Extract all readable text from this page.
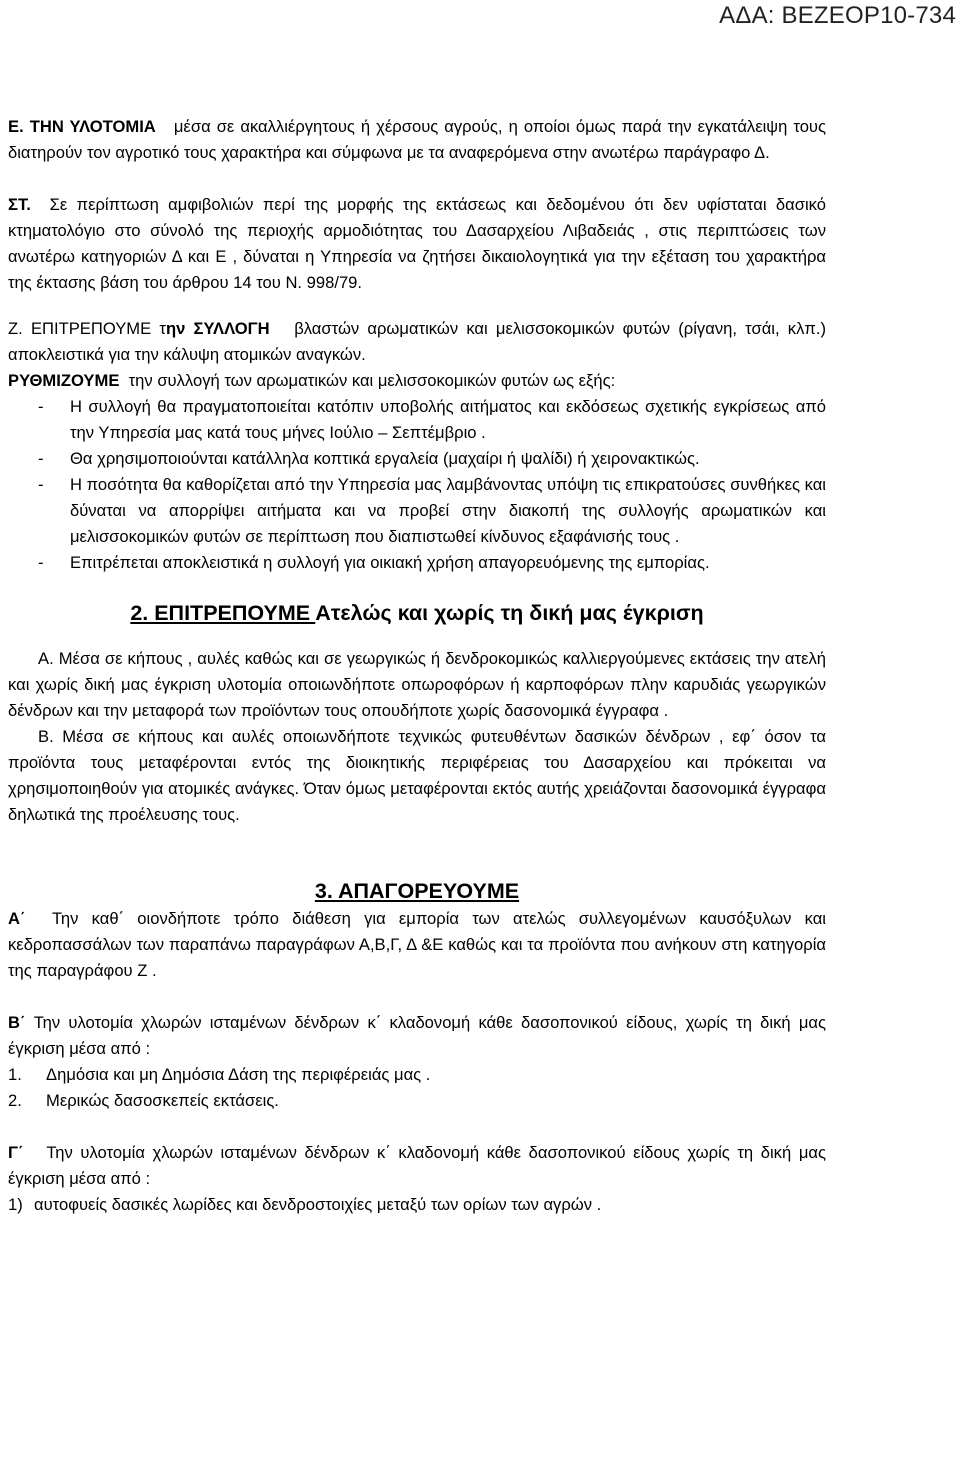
ΑΔΑ: ΒΕΖΕΟΡ10-734

Ε. ΤΗΝ ΥΛΟΤΟΜΙΑ μέσα σε ακαλλιέργητους ή χέρσους αγρούς, η οποίοι όμως παρά την εγκατάλειψη τους διατηρούν τον αγροτικό τους χαρακτήρα και σύμφωνα με τα αναφερόμενα στην ανωτέρω παράγραφο Δ.

ΣΤ. Σε περίπτωση αμφιβολιών περί της μορφής της εκτάσεως και δεδομένου ότι δεν υφίσταται δασικό κτηματολόγιο στο σύνολό της περιοχής αρμοδιότητας του Δασαρχείου Λιβαδειάς , στις περιπτώσεις των ανωτέρω κατηγοριών Δ και Ε , δύναται η Υπηρεσία να ζητήσει δικαιολογητικά για την εξέταση του χαρακτήρα της έκτασης βάση του άρθρου 14 του Ν. 998/79.

Ζ. ΕΠΙΤΡΕΠΟΥΜΕ την ΣΥΛΛΟΓΗ βλαστών αρωματικών και μελισσοκομικών φυτών (ρίγανη, τσάι, κλπ.) αποκλειστικά για την κάλυψη ατομικών αναγκών.

ΡΥΘΜΙΖΟΥΜΕ την συλλογή των αρωματικών και μελισσοκομικών φυτών ως εξής:

- Η συλλογή θα πραγματοποιείται κατόπιν υποβολής αιτήματος και εκδόσεως σχετικής εγκρίσεως από την Υπηρεσία μας κατά τους μήνες Ιούλιο – Σεπτέμβριο .
- Θα χρησιμοποιούνται κατάλληλα κοπτικά εργαλεία (μαχαίρι ή ψαλίδι) ή χειρονακτικώς.
- Η ποσότητα θα καθορίζεται από την Υπηρεσία μας λαμβάνοντας υπόψη τις επικρατούσες συνθήκες και δύναται να απορρίψει αιτήματα και να προβεί στην διακοπή της συλλογής αρωματικών και μελισσοκομικών φυτών σε περίπτωση που διαπιστωθεί κίνδυνος εξαφάνισής τους .
- Επιτρέπεται αποκλειστικά η συλλογή για οικιακή χρήση απαγορευόμενης της εμπορίας.

2. ΕΠΙΤΡΕΠΟΥΜΕ Ατελώς και χωρίς τη δική μας έγκριση

Α. Μέσα σε κήπους , αυλές καθώς και σε γεωργικώς ή δενδροκομικώς καλλιεργούμενες εκτάσεις την ατελή και χωρίς δική μας έγκριση υλοτομία οποιωνδήποτε οπωροφόρων ή καρποφόρων πλην καρυδιάς γεωργικών δένδρων και την μεταφορά των προϊόντων τους οπουδήποτε χωρίς δασονομικά έγγραφα .

Β. Μέσα σε κήπους και αυλές οποιωνδήποτε τεχνικώς φυτευθέντων δασικών δένδρων , εφ΄ όσον τα προϊόντα τους μεταφέρονται εντός της διοικητικής περιφέρειας του Δασαρχείου και πρόκειται να χρησιμοποιηθούν για ατομικές ανάγκες. Όταν όμως μεταφέρονται εκτός αυτής χρειάζονται δασονομικά έγγραφα δηλωτικά της προέλευσης τους.

3. ΑΠΑΓΟΡΕΥΟΥΜΕ

Α΄ Την καθ΄ οιονδήποτε τρόπο διάθεση για εμπορία των ατελώς συλλεγομένων καυσόξυλων και κεδροπασσάλων των παραπάνω παραγράφων Α,Β,Γ, Δ &Ε καθώς και τα προϊόντα που ανήκουν στη κατηγορία της παραγράφου Ζ .

Β΄ Την υλοτομία χλωρών ισταμένων δένδρων κ΄ κλαδονομή κάθε δασοπονικού είδους, χωρίς τη δική μας έγκριση μέσα από :

1. Δημόσια και μη Δημόσια Δάση της περιφέρειάς μας .
2. Μερικώς δασοσκεπείς εκτάσεις.

Γ΄ Την υλοτομία χλωρών ισταμένων δένδρων κ΄ κλαδονομή κάθε δασοπονικού είδους χωρίς τη δική μας έγκριση μέσα από :

1) αυτοφυείς δασικές λωρίδες και δενδροστοιχίες μεταξύ των ορίων των αγρών .
